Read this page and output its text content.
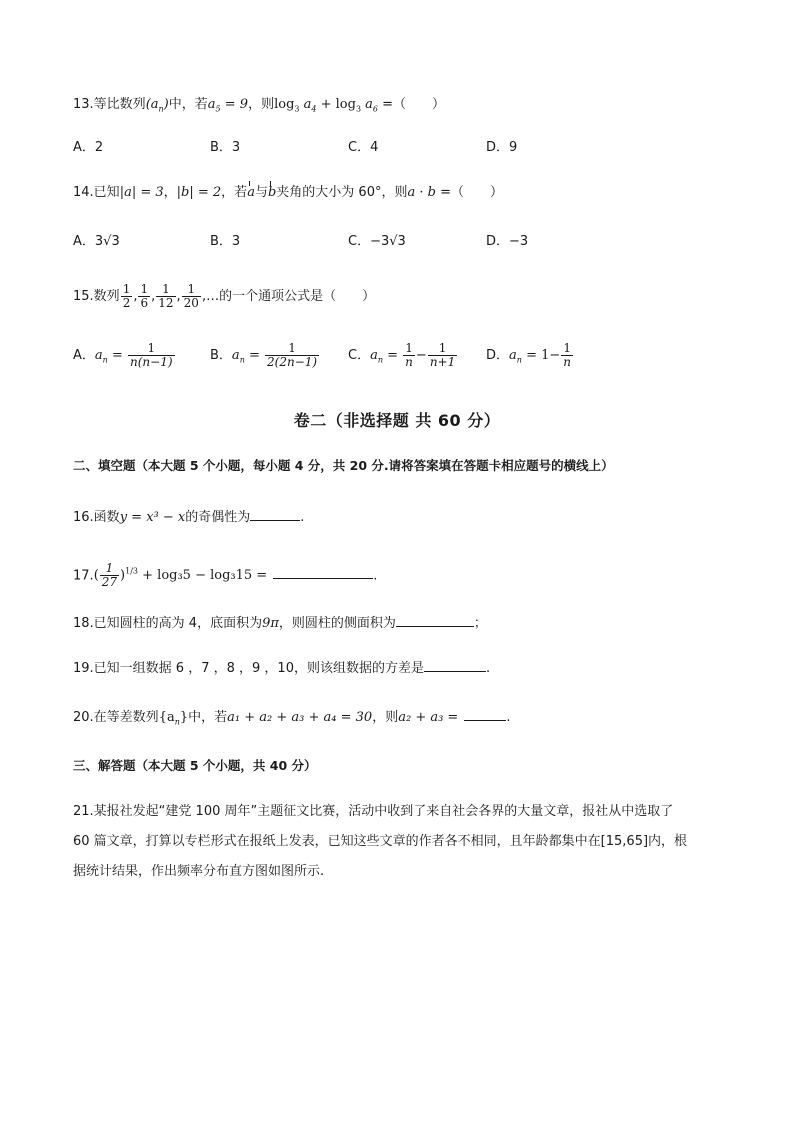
13.等比数列$(a_n)$中，若$a_5 = 9$，则$\log_3 a_4 + \log_3 a_6$ =（　　）
A．2	B．3	C．4	D．9
14.已知|a| = 3，|b| = 2，若a与b夹角的大小为 60°，则a · b =（　　）
A．3√3	B．3	C．−3√3	D．−3
15.数列 $\frac{1}{2}$ , $\frac{1}{6}$ , $\frac{1}{12}$ , $\frac{1}{20}$ ,…的一个通项公式是（　　）
A．$a_n = \frac{1}{n(n-1)}$	B．$a_n = \frac{1}{2(2n-1)}$ C．$a_n = \frac{1}{n} - \frac{1}{n+1}$ D．$a_n = 1- \frac{1}{n}$
卷二（非选择题 共 60 分）
二、填空题（本大题 5 个小题，每小题 4 分，共 20 分.请将答案填在答题卡相应题号的横线上）
16.函数y = x³ − x的奇偶性为	.
$17.( \frac{1}{27} )^{1/3} + \log_35 - \log_315$ =	.
18.已知圆柱的高为 4，底面积为9π，则圆柱的侧面积为	；
19.已知一组数据 6 ，7 ，8 ，9 ，10，则该组数据的方差是	.
20.在等差数列$\{a_n\}$中，若a₁ + a₂ + a₃ + a₄ = 30，则a₂ + a₃ =	.
三、解答题（本大题 5 个小题，共 40 分）
21.某报社发起“建党 100 周年”主题征文比赛，活动中收到了来自社会各界的大量文章，报社从中选取了
60 篇文章，打算以专栏形式在报纸上发表，已知这些文章的作者各不相同，且年龄都集中在[15,65]内，根
据统计结果，作出频率分布直方图如图所示.
